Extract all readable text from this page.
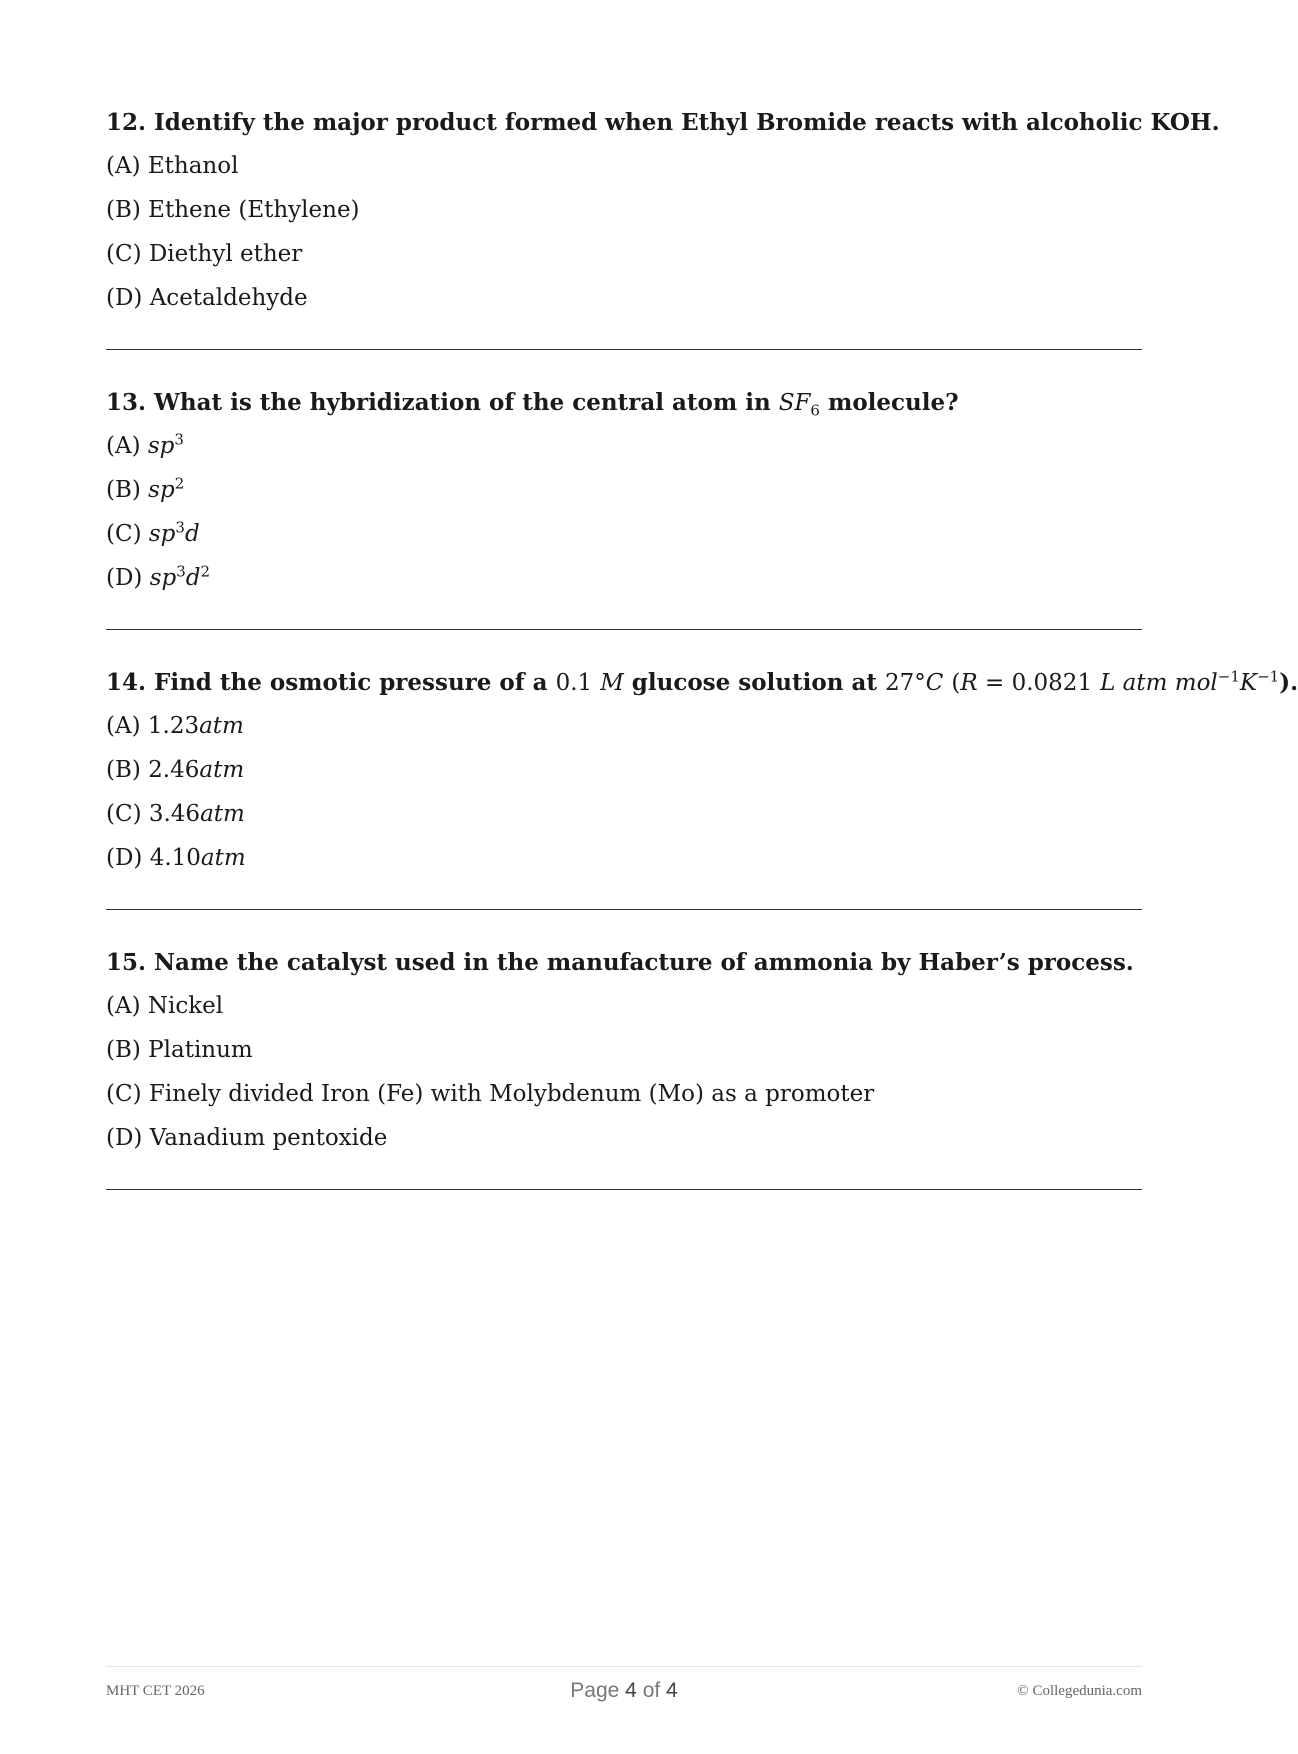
12. Identify the major product formed when Ethyl Bromide reacts with alcoholic KOH.
(A) Ethanol
(B) Ethene (Ethylene)
(C) Diethyl ether
(D) Acetaldehyde
13. What is the hybridization of the central atom in $SF_6$ molecule?
(A) $sp^3$
(B) $sp^2$
(C) $sp^3d$
(D) $sp^3d^2$
14. Find the osmotic pressure of a 0.1 M glucose solution at 27°C (R = 0.0821 L atm $mol^{-1}K^{-1}$).
(A) 1.23atm
(B) 2.46atm
(C) 3.46atm
(D) 4.10atm
15. Name the catalyst used in the manufacture of ammonia by Haber’s process.
(A) Nickel
(B) Platinum
(C) Finely divided Iron (Fe) with Molybdenum (Mo) as a promoter
(D) Vanadium pentoxide
MHT CET 2026	Page 4 of 4	© Collegedunia.com
